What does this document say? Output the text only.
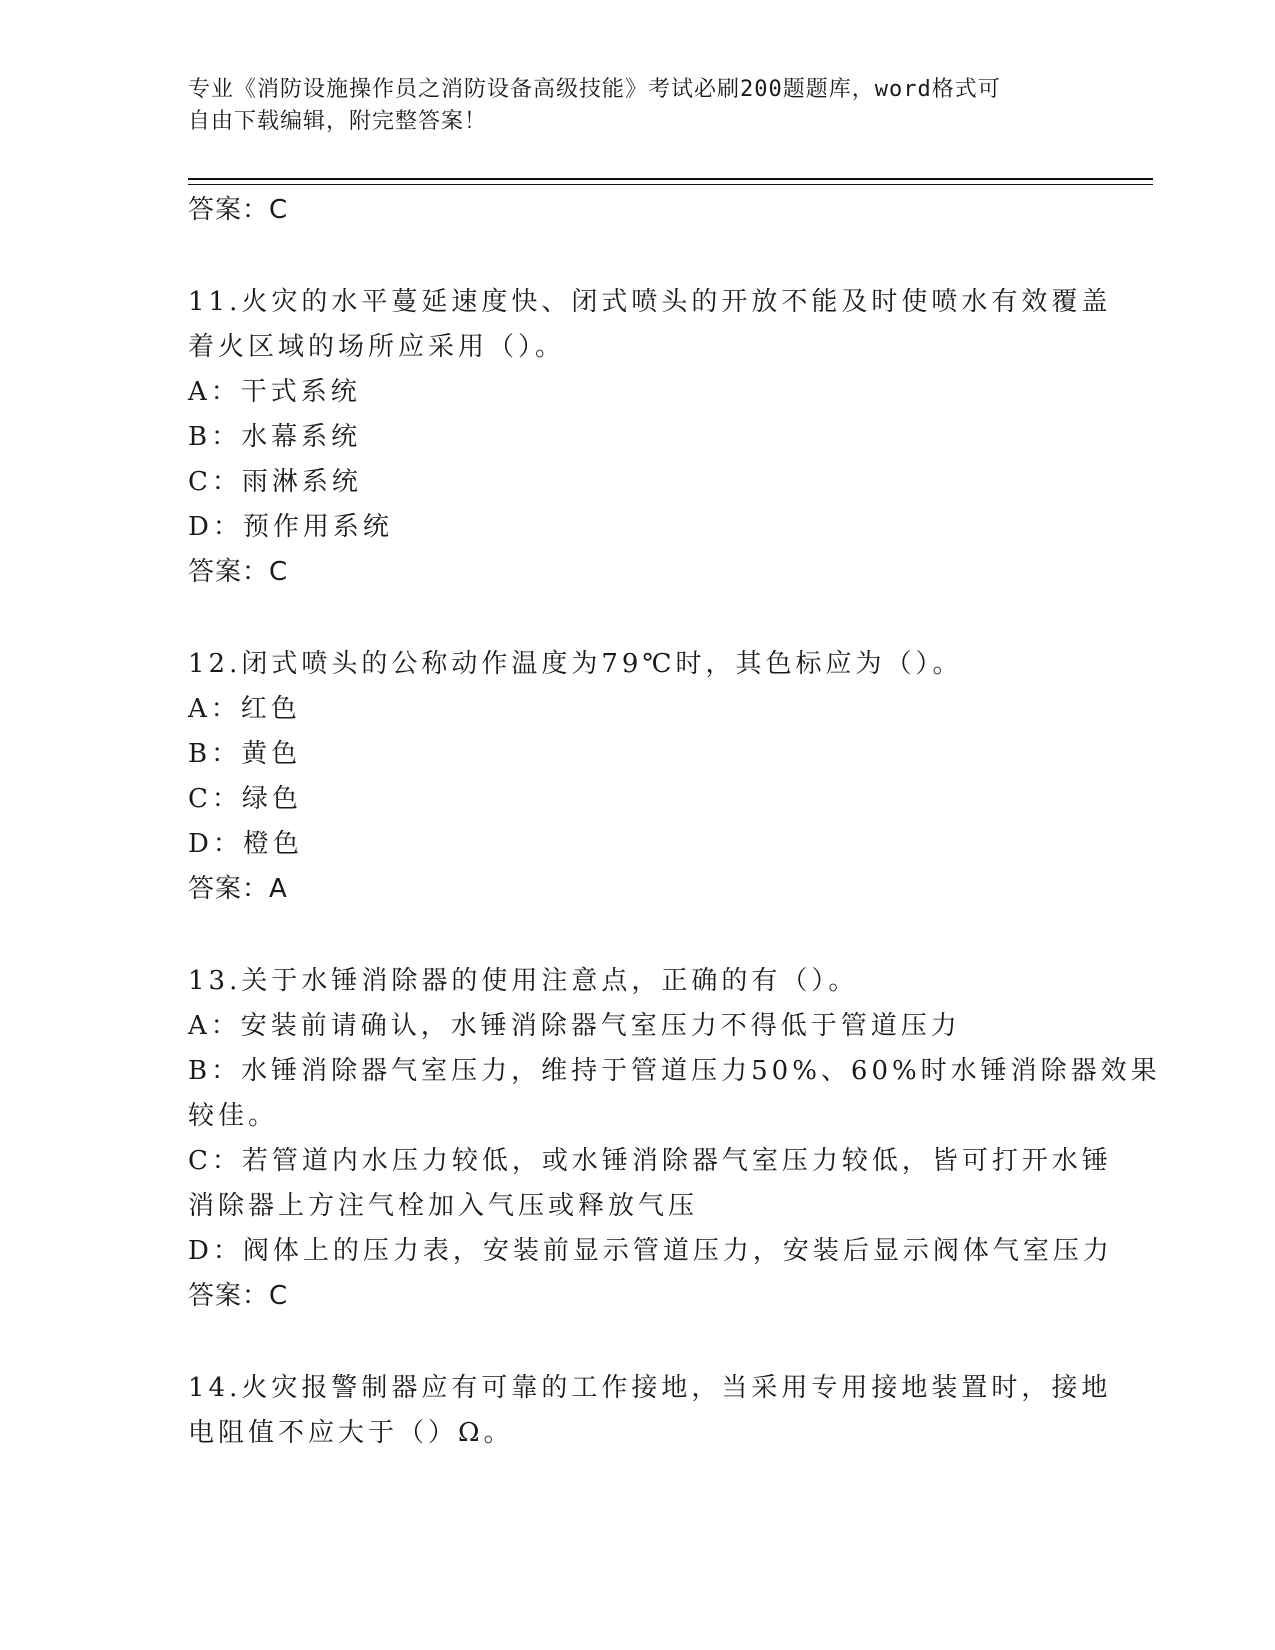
专业《消防设施操作员之消防设备高级技能》考试必刷200题题库，word格式可
自由下载编辑，附完整答案！
答案：C
11.火灾的水平蔓延速度快、闭式喷头的开放不能及时使喷水有效覆盖
着火区域的场所应采用（）。
A：干式系统
B：水幕系统
C：雨淋系统
D：预作用系统
答案：C
12.闭式喷头的公称动作温度为79℃时，其色标应为（）。
A：红色
B：黄色
C：绿色
D：橙色
答案：A
13.关于水锤消除器的使用注意点，正确的有（）。
A：安装前请确认，水锤消除器气室压力不得低于管道压力
B：水锤消除器气室压力，维持于管道压力50%、60%时水锤消除器效果
较佳。
C：若管道内水压力较低，或水锤消除器气室压力较低，皆可打开水锤
消除器上方注气栓加入气压或释放气压
D：阀体上的压力表，安装前显示管道压力，安装后显示阀体气室压力
答案：C
14.火灾报警制器应有可靠的工作接地，当采用专用接地装置时，接地
电阻值不应大于（）Ω。
